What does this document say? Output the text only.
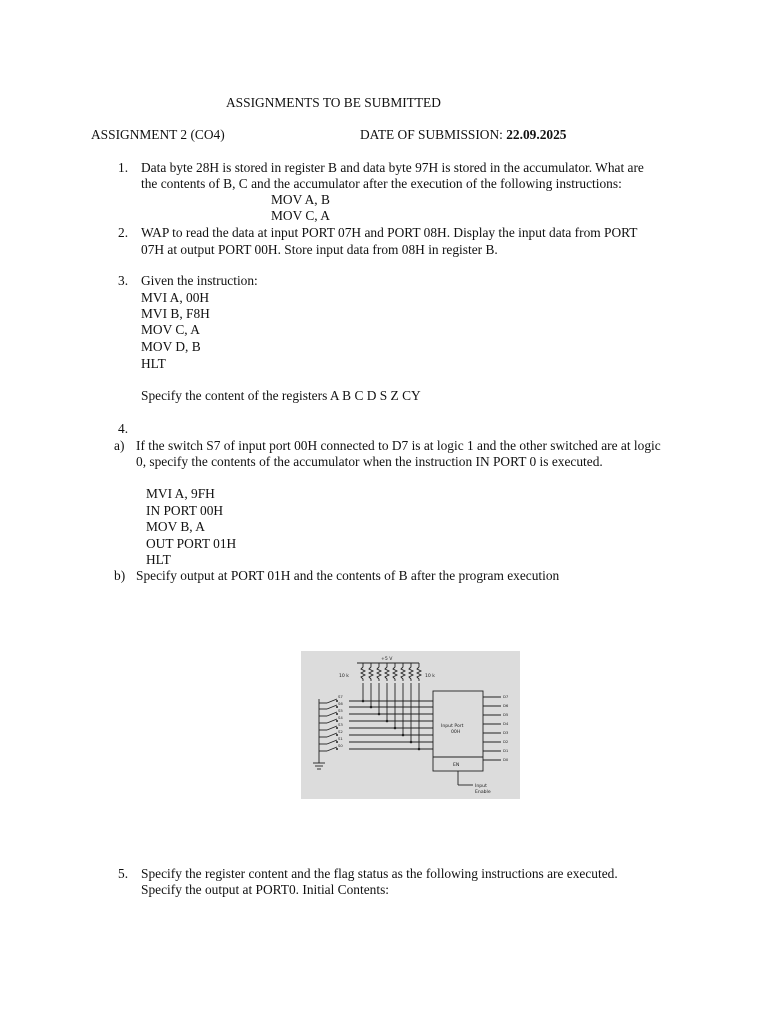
ASSIGNMENTS TO BE SUBMITTED
ASSIGNMENT 2 (CO4)	DATE OF SUBMISSION: 22.09.2025
1. Data byte 28H is stored in register B and data byte 97H is stored in the accumulator. What are
the contents of B, C and the accumulator after the execution of the following instructions:
MOV A, B
MOV C, A
2. WAP to read the data at input PORT 07H and PORT 08H. Display the input data from PORT
07H at output PORT 00H. Store input data from 08H in register B.
3. Given the instruction:
MVI A, 00H
MVI B, F8H
MOV C, A
MOV D, B
HLT
Specify the content of the registers A B C D S Z CY
4.
a) If the switch S7 of input port 00H connected to D7 is at logic 1 and the other switched are at logic
0, specify the contents of the accumulator when the instruction IN PORT 0 is executed.
MVI A, 9FH
IN PORT 00H
MOV B, A
OUT PORT 01H
HLT
b) Specify output at PORT 01H and the contents of B after the program execution
+5 V
10 k	10 k
Input Port
00H
EN
Input
Enable
S7
S6
S5
S4
S3
S2
S1
S0
D7
D6
D5
D4
D3
D2
D1
D0
5. Specify the register content and the flag status as the following instructions are executed.
Specify the output at PORT0. Initial Contents:
